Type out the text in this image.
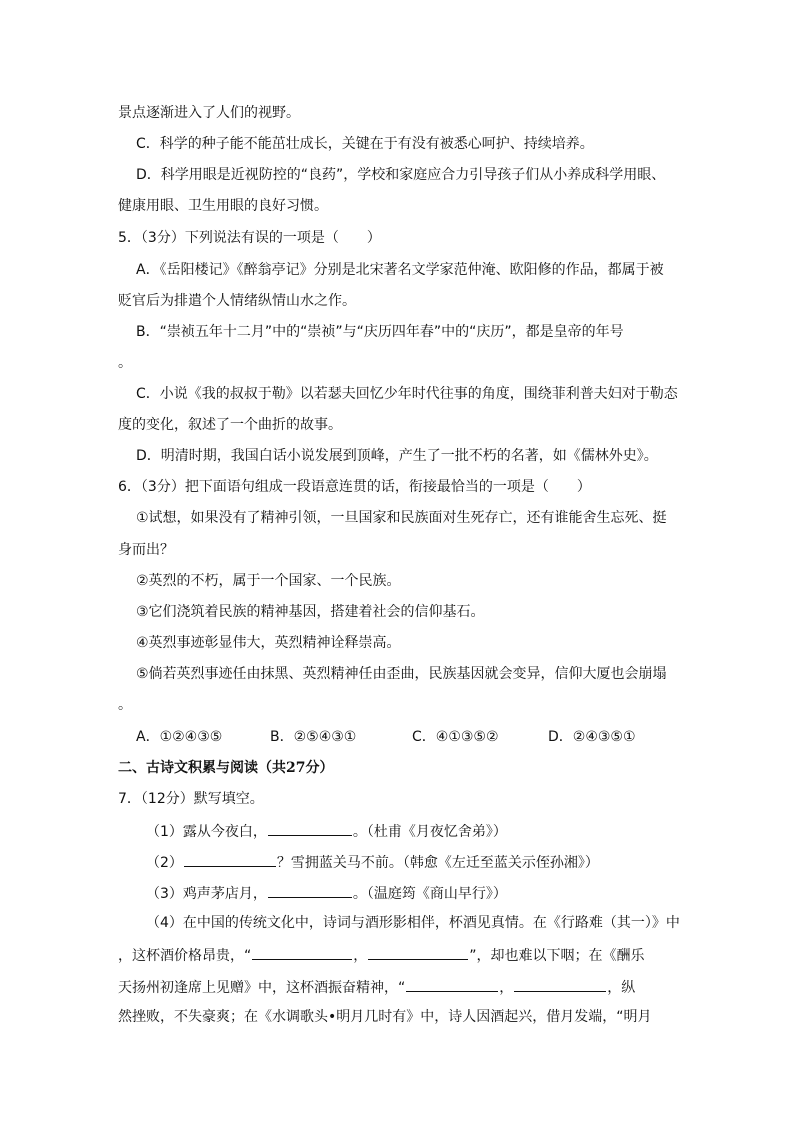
景点逐渐进入了人们的视野。
C．科学的种子能不能茁壮成长，关键在于有没有被悉心呵护、持续培养。
D．科学用眼是近视防控的“良药”，学校和家庭应合力引导孩子们从小养成科学用眼、
健康用眼、卫生用眼的良好习惯。
5．（3分）下列说法有误的一项是（　　）
A．《岳阳楼记》《醉翁亭记》分别是北宋著名文学家范仲淹、欧阳修的作品，都属于被
贬官后为排遣个人情绪纵情山水之作。
B．“崇祯五年十二月”中的“崇祯”与“庆历四年春”中的“庆历”，都是皇帝的年号
。
C．小说《我的叔叔于勒》以若瑟夫回忆少年时代往事的角度，围绕菲利普夫妇对于勒态
度的变化，叙述了一个曲折的故事。
D．明清时期，我国白话小说发展到顶峰，产生了一批不朽的名著，如《儒林外史》。
6．（3分）把下面语句组成一段语意连贯的话，衔接最恰当的一项是（　　）
①试想，如果没有了精神引领，一旦国家和民族面对生死存亡，还有谁能舍生忘死、挺
身而出？
②英烈的不朽，属于一个国家、一个民族。
③它们浇筑着民族的精神基因，搭建着社会的信仰基石。
④英烈事迹彰显伟大，英烈精神诠释崇高。
⑤倘若英烈事迹任由抹黑、英烈精神任由歪曲，民族基因就会变异，信仰大厦也会崩塌
。
A．①②④③⑤	B．②⑤④③①	C．④①③⑤②	D．②④③⑤①
二、古诗文积累与阅读（共27分）
7．（12分）默写填空。
（1）露从今夜白，	。（杜甫《月夜忆舍弟》）
（2）	？雪拥蓝关马不前。（韩愈《左迁至蓝关示侄孙湘》）
（3）鸡声茅店月，	。（温庭筠《商山早行》）
（4）在中国的传统文化中，诗词与酒形影相伴，杯酒见真情。在《行路难（其一）》中
，这杯酒价格昂贵，“	，	”，却也难以下咽；在《酬乐
天扬州初逢席上见赠》中，这杯酒振奋精神，“	，	，纵
然挫败，不失豪爽；在《水调歌头•明月几时有》中，诗人因酒起兴，借月发端，“明月
